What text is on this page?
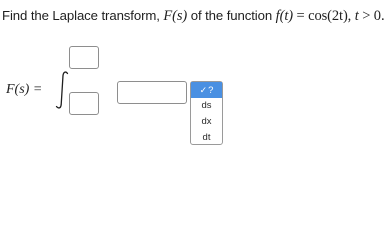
Find the Laplace transform, F(s) of the function f(t) = cos(2t), t > 0.
F(s) =	✓?
ds
dx
dt
